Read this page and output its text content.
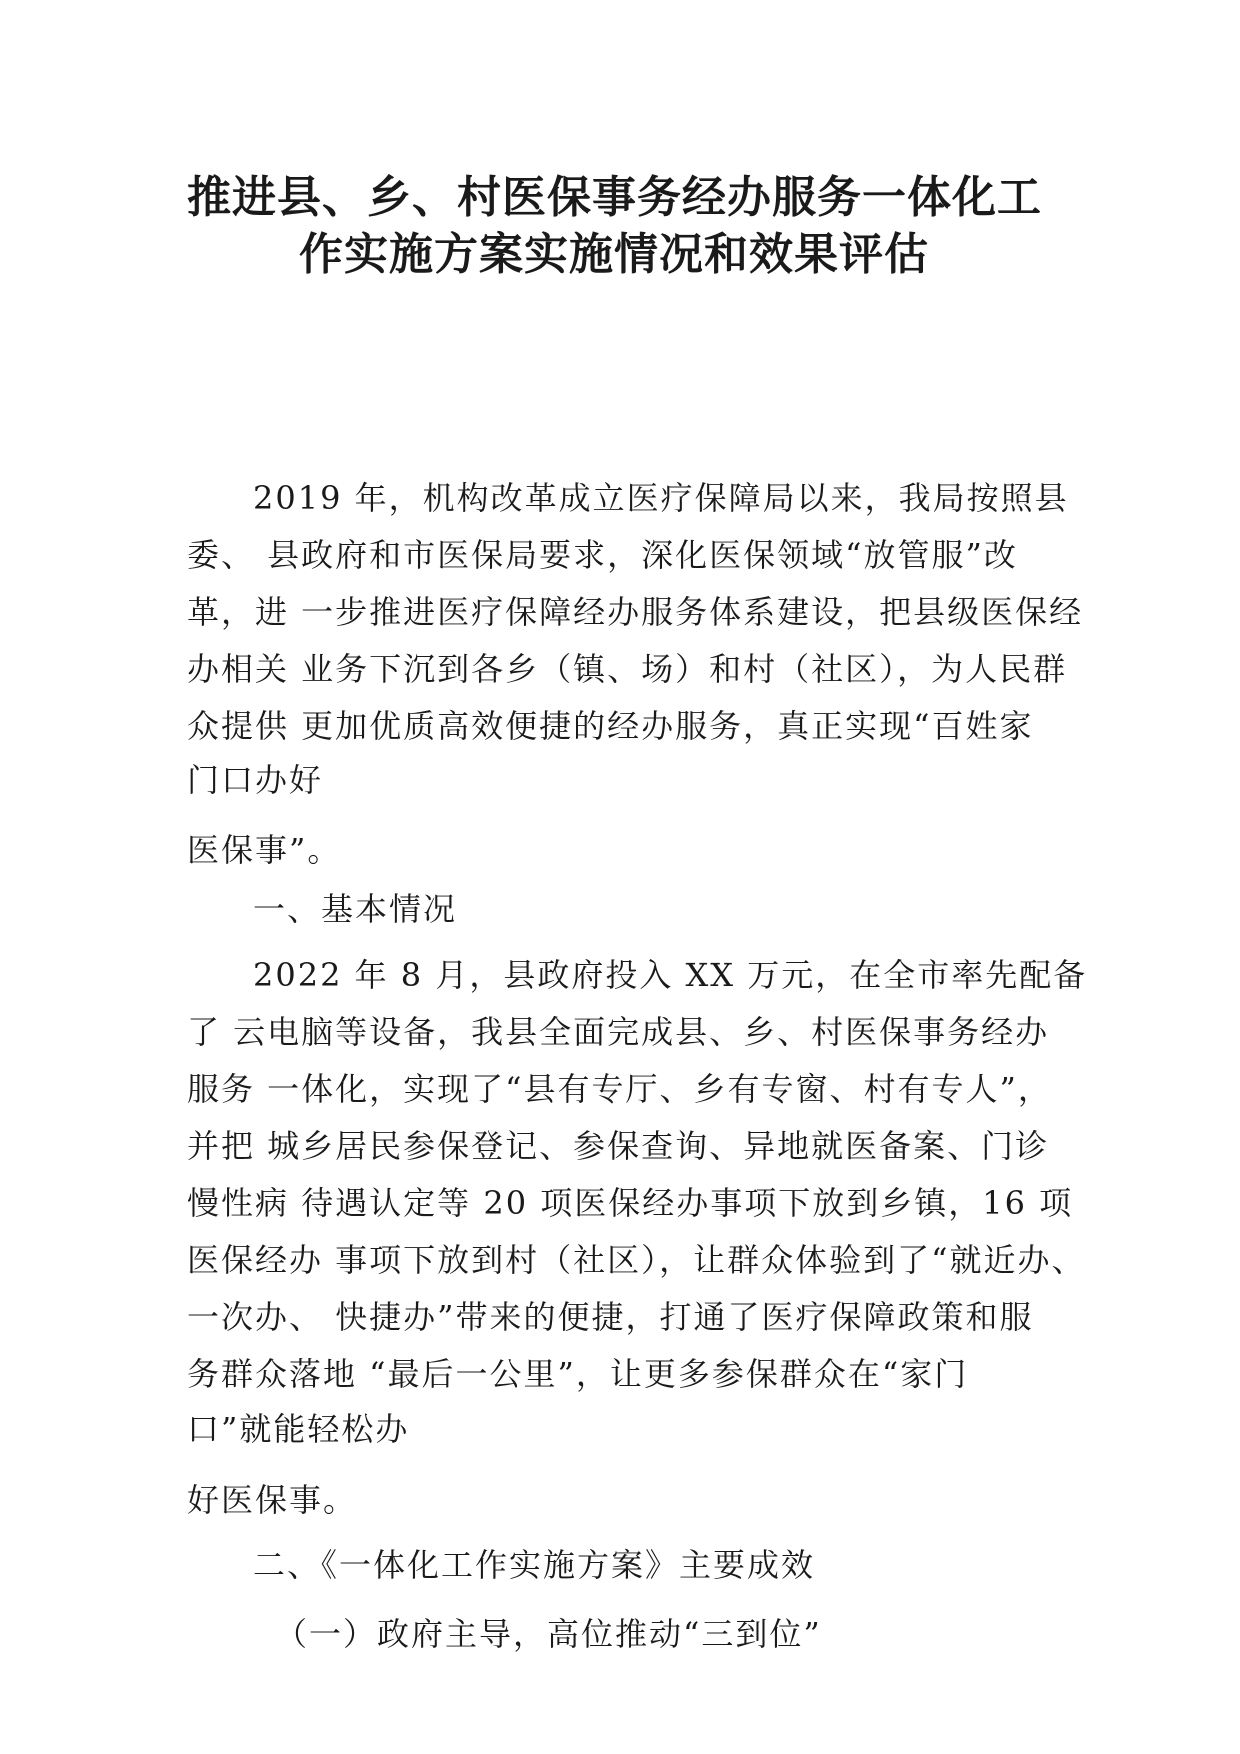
推进县、乡、村医保事务经办服务一体化工
作实施方案实施情况和效果评估
2019 年，机构改革成立医疗保障局以来，我局按照县
委、 县政府和市医保局要求，深化医保领域“放管服”改
革，进 一步推进医疗保障经办服务体系建设，把县级医保经
办相关 业务下沉到各乡（镇、场）和村（社区），为人民群
众提供 更加优质高效便捷的经办服务，真正实现“百姓家
门口办好
医保事”。
一、基本情况
2022 年 8 月，县政府投入 XX 万元，在全市率先配备
了 云电脑等设备，我县全面完成县、乡、村医保事务经办
服务 一体化，实现了“县有专厅、乡有专窗、村有专人”，
并把 城乡居民参保登记、参保查询、异地就医备案、门诊
慢性病 待遇认定等 20 项医保经办事项下放到乡镇，16 项
医保经办 事项下放到村（社区），让群众体验到了“就近办、
一次办、 快捷办”带来的便捷，打通了医疗保障政策和服
务群众落地 “最后一公里”，让更多参保群众在“家门
口”就能轻松办
好医保事。
二、《一体化工作实施方案》主要成效
（一）政府主导，高位推动“三到位”
